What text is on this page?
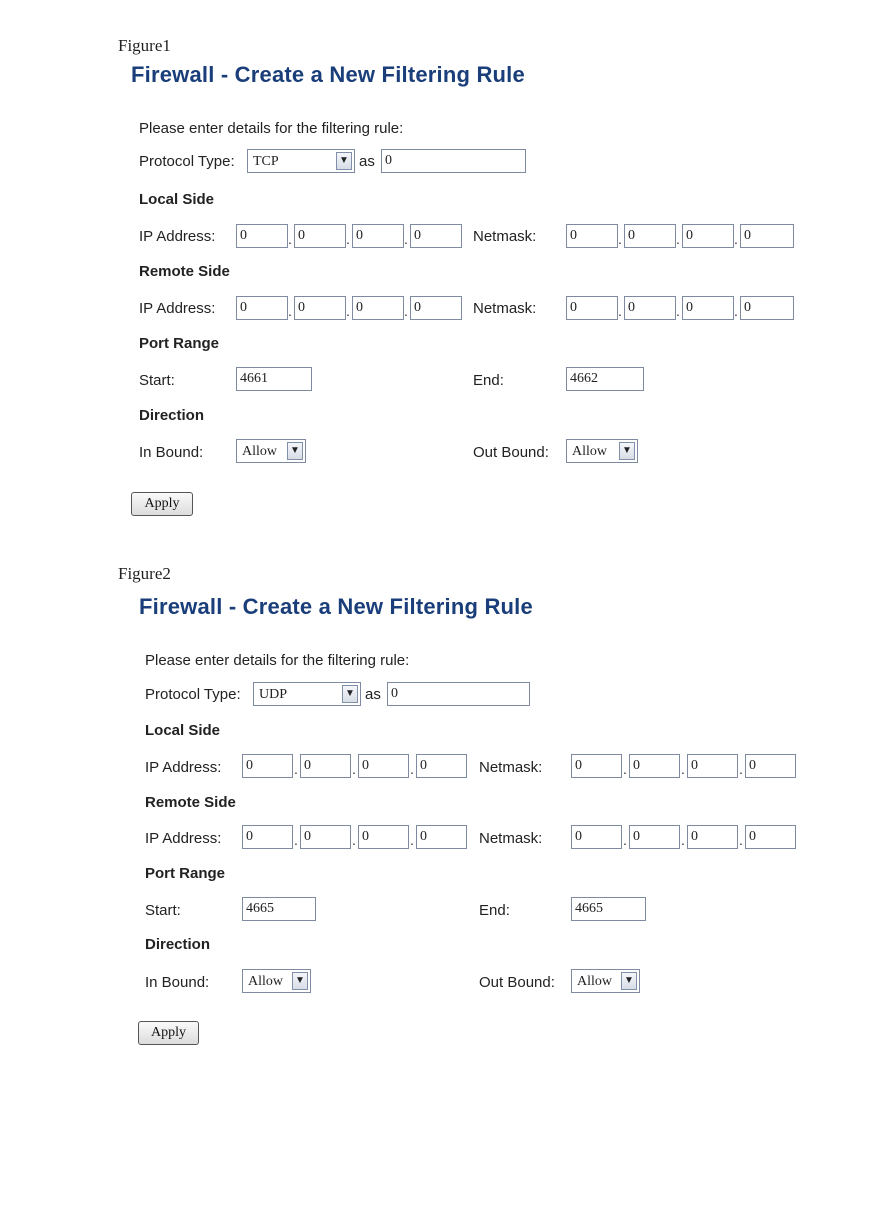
Figure1
Firewall - Create a New Filtering Rule
Please enter details for the filtering rule:
Protocol Type: TCP	▼ as 0
Local Side
IP Address: 0	. 0	. 0	. 0	Netmask: 0	. 0	. 0	. 0
Remote Side
IP Address: 0	. 0	. 0	. 0	Netmask: 0	. 0	. 0	. 0
Port Range
Start:	4661	End:	4662
Direction
In Bound:	Allow	▼	Out Bound: Allow	▼
Apply
Figure2
Firewall - Create a New Filtering Rule
Please enter details for the filtering rule:
Protocol Type: UDP	▼ as 0
Local Side
IP Address: 0	. 0	. 0	. 0	Netmask: 0	. 0	. 0	. 0
Remote Side
IP Address: 0	. 0	. 0	. 0	Netmask: 0	. 0	. 0	. 0
Port Range
Start:	4665	End:	4665
Direction
In Bound:	Allow	▼	Out Bound: Allow	▼
Apply
